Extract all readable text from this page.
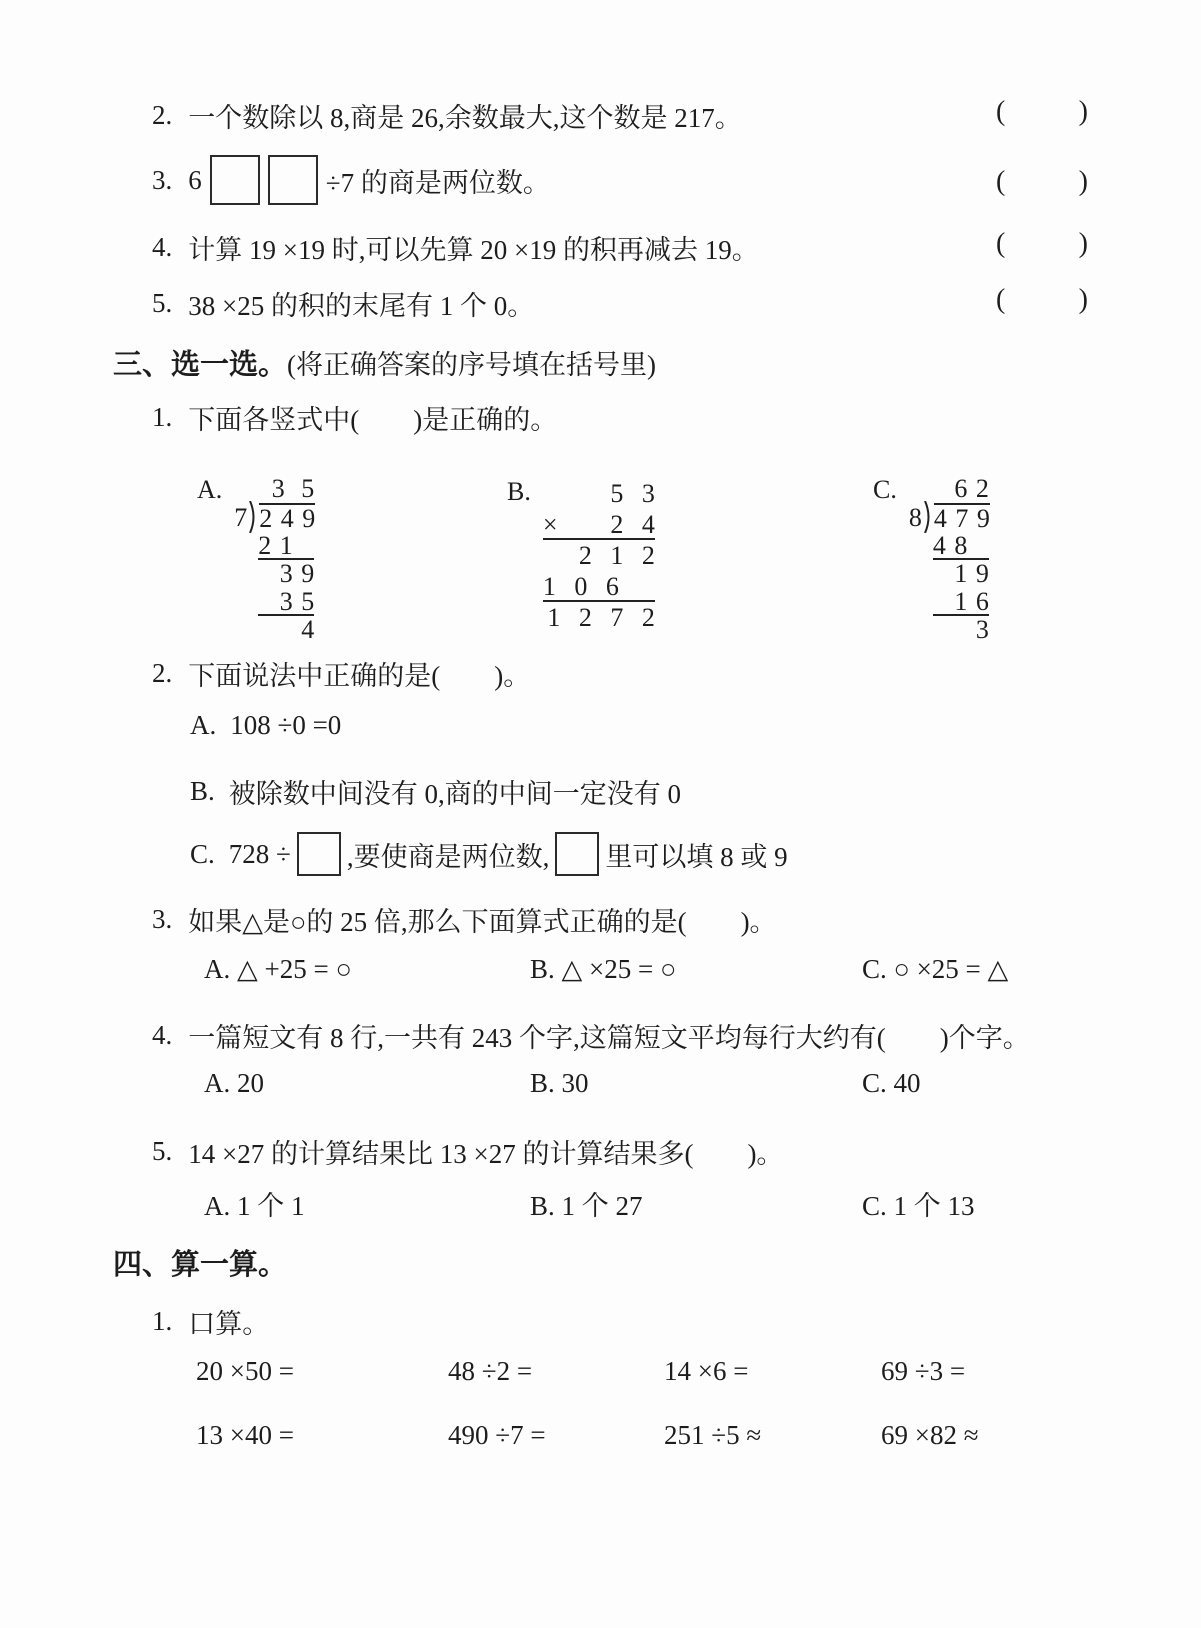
2. 一个数除以 8,商是 26,余数最大,这个数是 217。	(	)
3. 6	÷7 的商是两位数。	(	)
4. 计算 19 ×19 时,可以先算 20 ×19 的积再减去 19。	(	)
5. 38 ×25 的积的末尾有 1 个 0。	(	)
三、选一选。(将正确答案的序号填在括号里)
1. 下面各竖式中(　　)是正确的。
A.	3 5
7 2 4 9
2 1
3 9
3 5
4
B.	5 3
× 2 4
2 1 2
1 0 6
1 2 7 2
C.	6 2
8 4 7 9
4 8
1 9
1 6
3
2. 下面说法中正确的是(　　)。
A. 108 ÷0 =0
B. 被除数中间没有 0,商的中间一定没有 0
C. 728 ÷ ,要使商是两位数, 里可以填 8 或 9
3. 如果△是○的 25 倍,那么下面算式正确的是(　　)。
A. △ +25 = ○	B. △ ×25 = ○	C. ○ ×25 = △
4. 一篇短文有 8 行,一共有 243 个字,这篇短文平均每行大约有(　　)个字。
A. 20	B. 30	C. 40
5. 14 ×27 的计算结果比 13 ×27 的计算结果多(　　)。
A. 1 个 1	B. 1 个 27	C. 1 个 13
四、算一算。
1. 口算。
20 ×50 =	48 ÷2 =	14 ×6 =	69 ÷3 =
13 ×40 =	490 ÷7 =	251 ÷5 ≈	69 ×82 ≈
